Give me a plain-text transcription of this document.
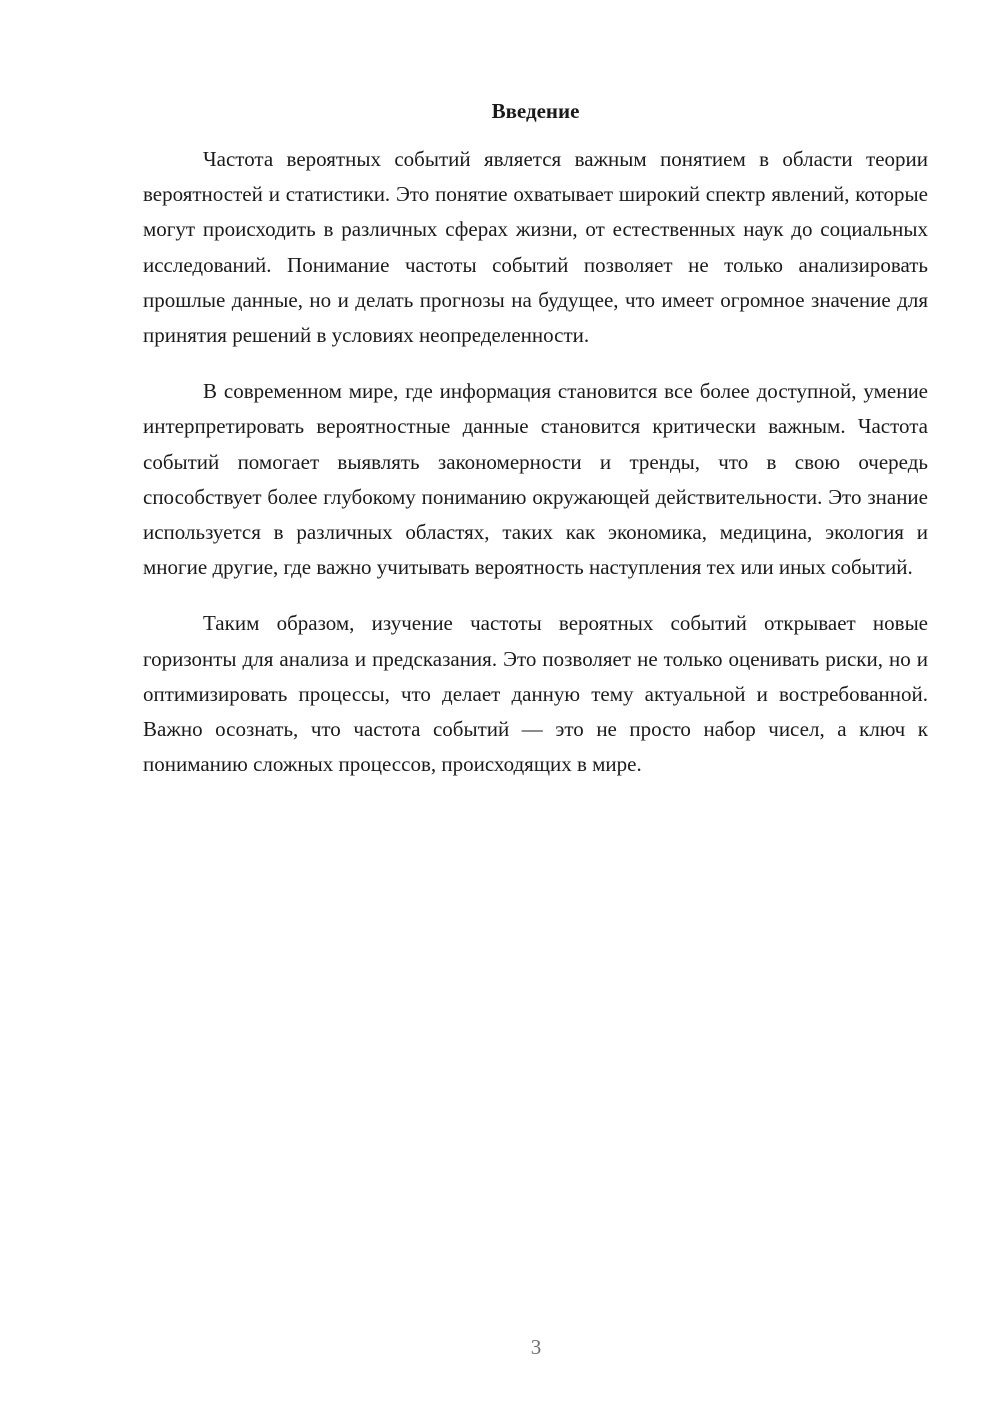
Введение

Частота вероятных событий является важным понятием в области теории вероятностей и статистики. Это понятие охватывает широкий спектр явлений, которые могут происходить в различных сферах жизни, от естественных наук до социальных исследований. Понимание частоты событий позволяет не только анализировать прошлые данные, но и делать прогнозы на будущее, что имеет огромное значение для принятия решений в условиях неопределенности.

В современном мире, где информация становится все более доступной, умение интерпретировать вероятностные данные становится критически важным. Частота событий помогает выявлять закономерности и тренды, что в свою очередь способствует более глубокому пониманию окружающей действительности. Это знание используется в различных областях, таких как экономика, медицина, экология и многие другие, где важно учитывать вероятность наступления тех или иных событий.

Таким образом, изучение частоты вероятных событий открывает новые горизонты для анализа и предсказания. Это позволяет не только оценивать риски, но и оптимизировать процессы, что делает данную тему актуальной и востребованной. Важно осознать, что частота событий — это не просто набор чисел, а ключ к пониманию сложных процессов, происходящих в мире.

3
